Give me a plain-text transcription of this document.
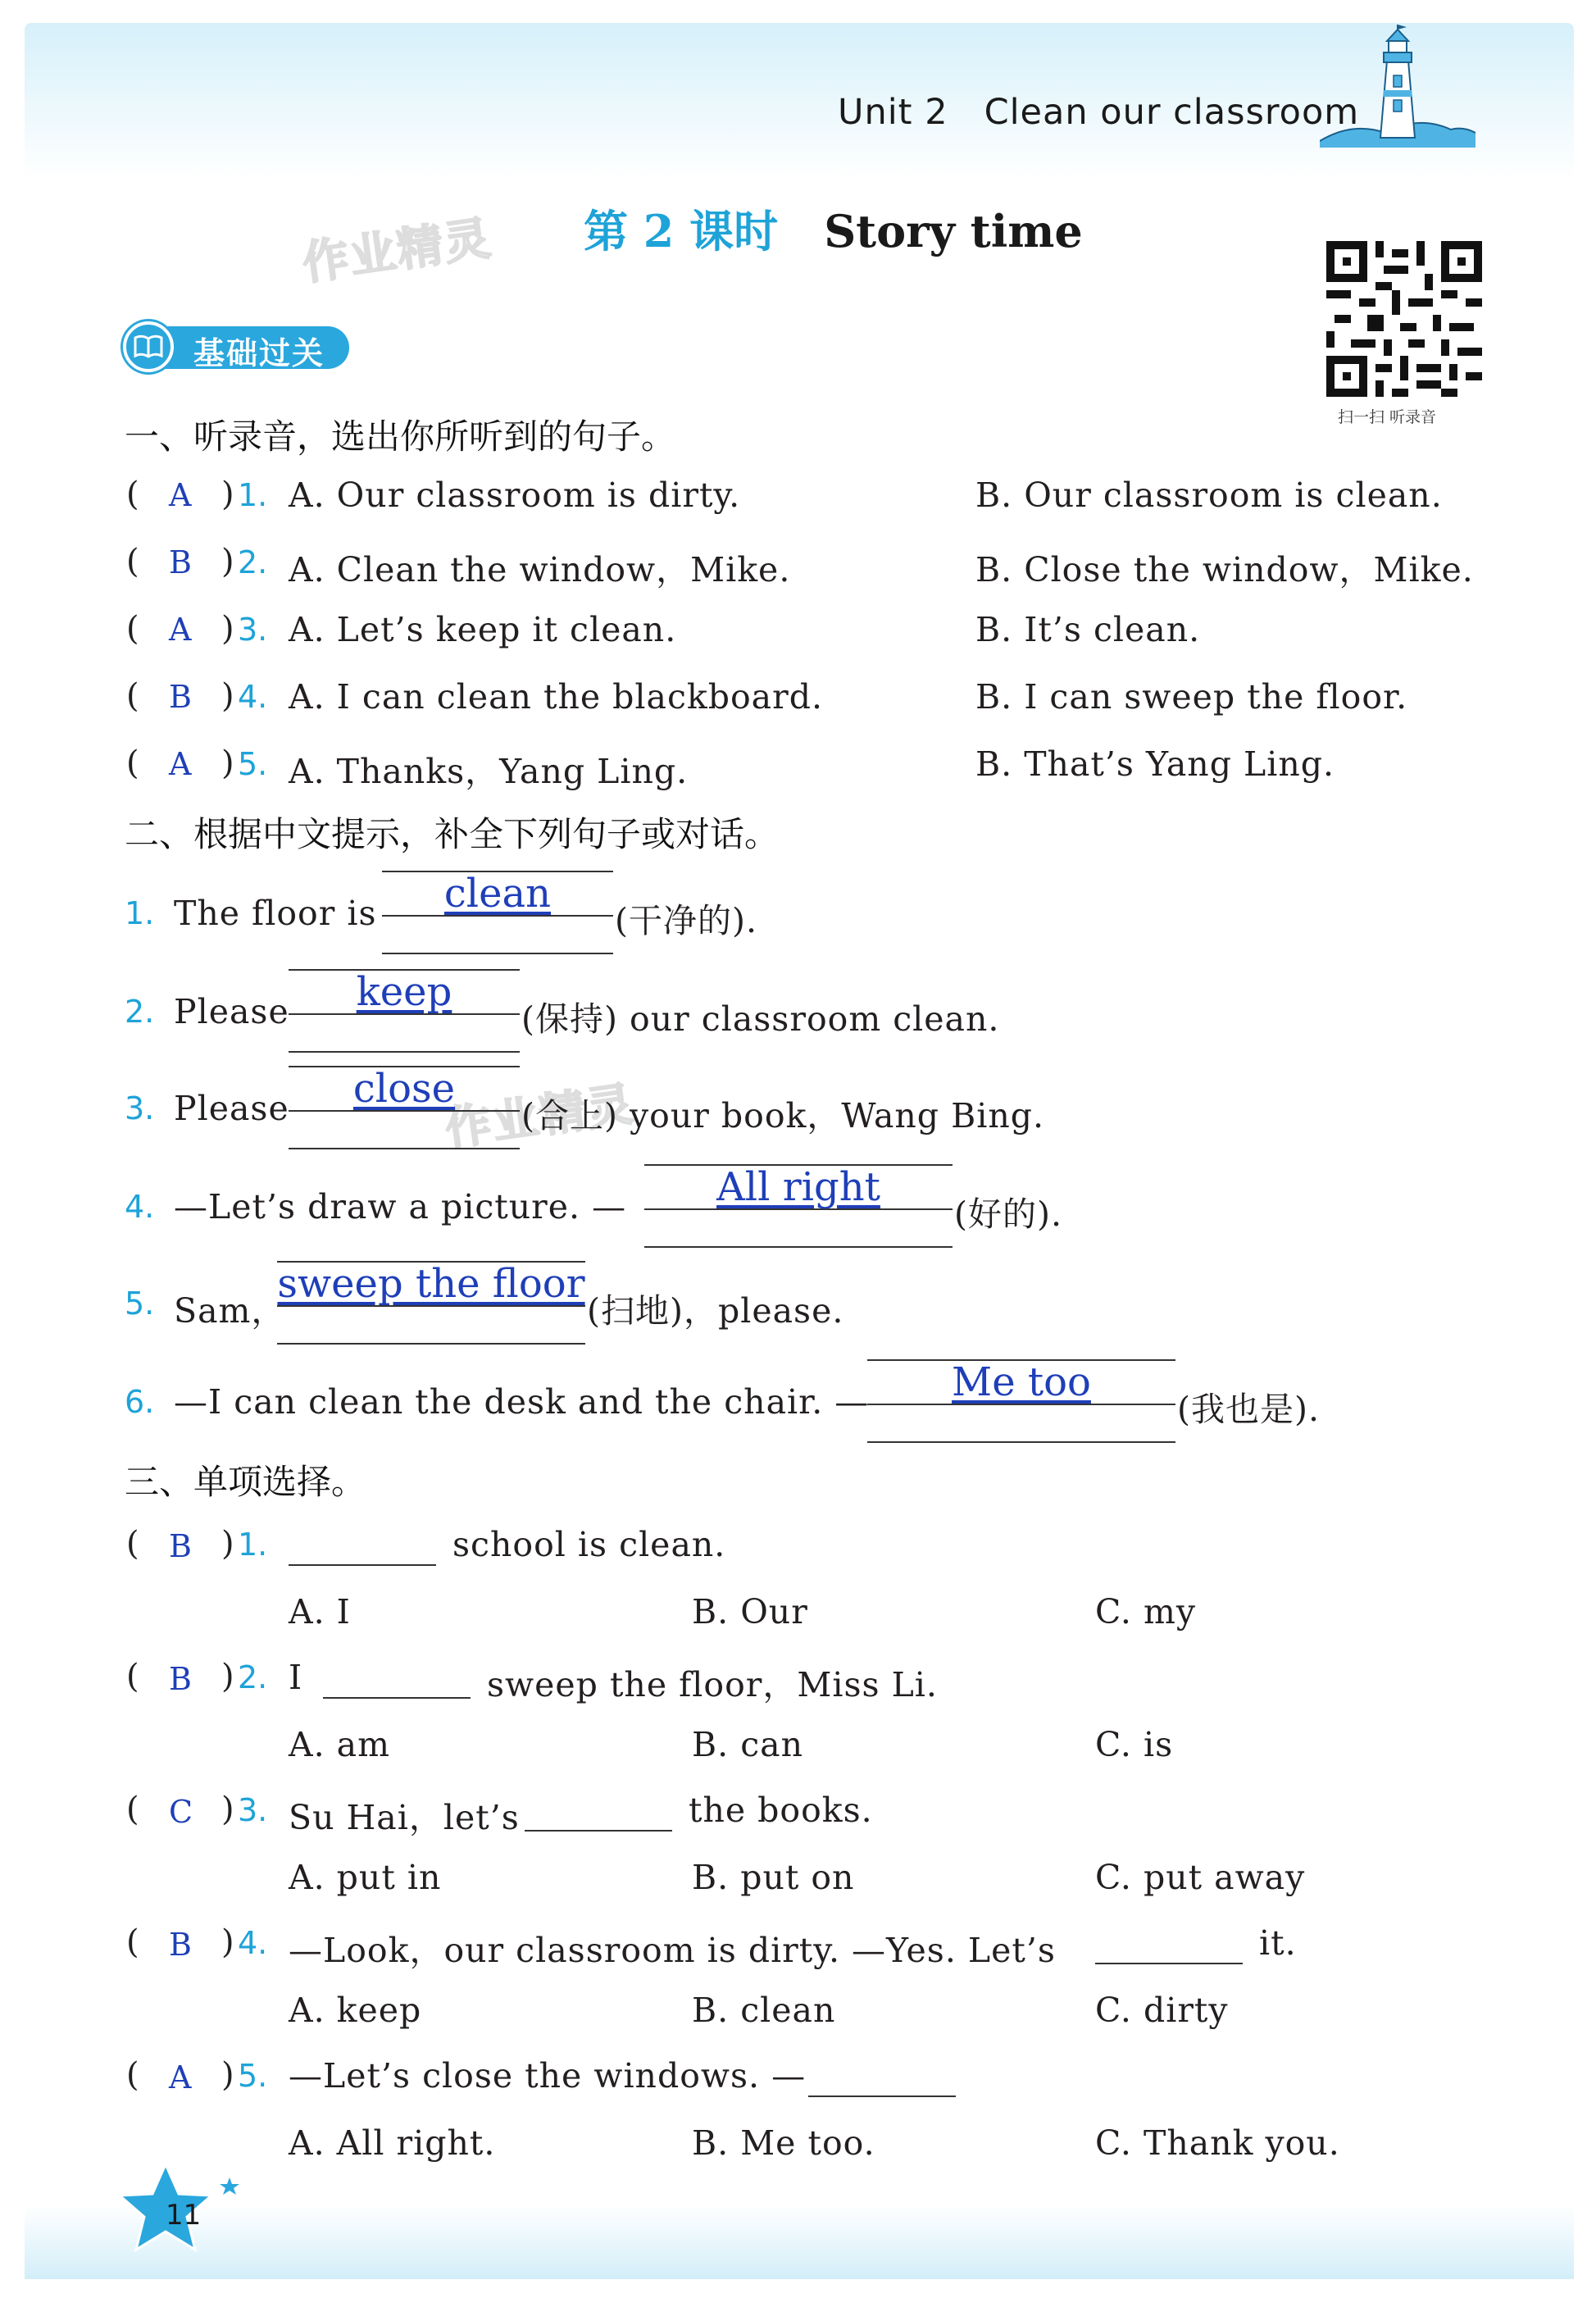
Unit 2 Clean our classroom
作业精灵
作业精灵
第 2 课时 Story time
扫一扫 听录音
基础过关
一、听录音，选出你所听到的句子。
( A ) 1. A. Our classroom is dirty.	B. Our classroom is clean.
( B ) 2. A. Clean the window，Mike.	B. Close the window，Mike.
( A ) 3. A. Let’s keep it clean.	B. It’s clean.
( B ) 4. A. I can clean the blackboard.	B. I can sweep the floor.
( A ) 5. A. Thanks，Yang Ling.	B. That’s Yang Ling.
二、根据中文提示，补全下列句子或对话。
1. The floor is	clean
(干净的).
2. Please	keep
(保持) our classroom clean.
3. Please	close
(合上) your book，Wang Bing.
4. —Let’s draw a picture. —	All right
(好的).
5. Sam，
sweep the floor
(扫地)，please.
6. —I can clean the desk and the chair. —	Me too
(我也是).
三、单项选择。
( B ) 1.	school is clean.
A. I	B. Our	C. my
( B ) 2. I	sweep the floor，Miss Li.
A. am	B. can	C. is
( C ) 3. Su Hai，let’s	the books.
A. put in	B. put on	C. put away
( B ) 4. —Look，our classroom is dirty. —Yes. Let’s	it.
A. keep	B. clean	C. dirty
( A ) 5. —Let’s close the windows. —
A. All right.	B. Me too.	C. Thank you.
11
